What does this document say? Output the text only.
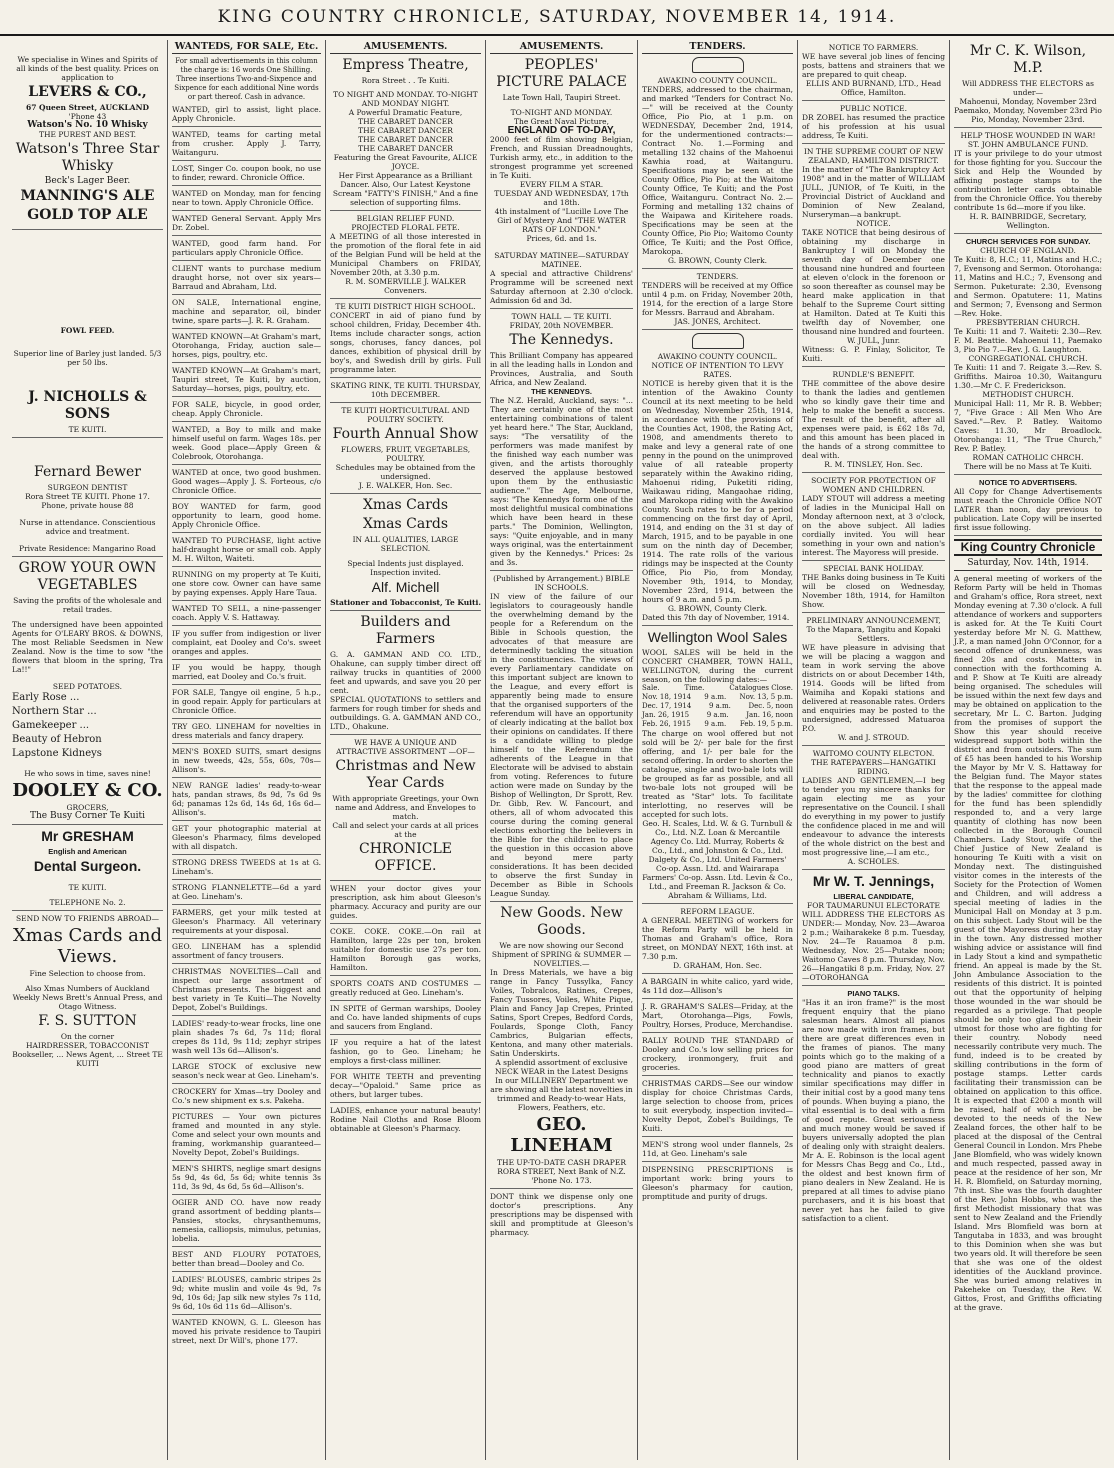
KING COUNTRY CHRONICLE, SATURDAY, NOVEMBER 14, 1914.
We specialise in Wines and Spirits of all kinds of the best quality. Prices on application to
LEVERS & CO.,
67 Queen Street, AUCKLAND
'Phone 43
Watson's No. 10 Whisky
THE PUREST AND BEST.
Watson's Three Star Whisky
Beck's Lager Beer.
MANNING'S ALE
GOLD TOP ALE
FOWL FEED.
Superior line of Barley just landed. 5/3 per 50 lbs.
J. NICHOLLS & SONS
TE KUITI.
Fernard Bewer
SURGEON DENTIST
Rora Street TE KUITI. Phone 17. Phone, private house 88
Nurse in attendance. Conscientious advice and treatment.
Private Residence: Mangarino Road
GROW YOUR OWN VEGETABLES
Saving the profits of the wholesale and retail trades.
The undersigned have been appointed Agents for O'LEARY BROS. & DOWNS, The most Reliable Seedsmen in New Zealand. Now is the time to sow "the flowers that bloom in the spring, Tra La!!"
SEED POTATOES.
Early Rose ...
Northern Star ...
Gamekeeper ...
Beauty of Hebron
Lapstone Kidneys
He who sows in time, saves nine!
DOOLEY & CO.
GROCERS,
The Busy Corner Te Kuiti
Mr GRESHAM
English and American
Dental Surgeon.
TE KUITI.
TELEPHONE No. 2.
SEND NOW TO FRIENDS ABROAD—
Xmas Cards and Views.
Fine Selection to choose from.
Also Xmas Numbers of Auckland Weekly News Brett's Annual Press, and Otago Witness.
F. S. SUTTON
On the corner
HAIRDRESSER, TOBACCONIST
Bookseller, ... News Agent, ... Street TE KUITI
WANTEDS, FOR SALE, Etc.
For small advertisements in this column the charge is: 16 words One Shilling. Three insertions Two-and-Sixpence and Sixpence for each additional Nine words or part thereof. Cash in advance.
WANTED, girl to assist, light place. Apply Chronicle.
WANTED, teams for carting metal from crusher. Apply J. Tarry, Waitanguru.
LOST, Singer Co. coupon book, no use to finder, reward. Chronicle Office.
WANTED on Monday, man for fencing near to town. Apply Chronicle Office.
WANTED General Servant. Apply Mrs Dr. Zobel.
WANTED, good farm hand. For particulars apply Chronicle Office.
CLIENT wants to purchase medium draught horse, not over six years—Barraud and Abraham, Ltd.
ON SALE, International engine, machine and separator, oil, binder twine, spare parts—J. R. R. Graham.
WANTED KNOWN—At Graham's mart, Otorohanga, Friday, auction sale—horses, pigs, poultry, etc.
WANTED KNOWN—At Graham's mart, Taupiri street, Te Kuiti, by auction, Saturday—horses, pigs, poultry, etc.
FOR SALE, bicycle, in good order, cheap. Apply Chronicle.
WANTED, a Boy to milk and make himself useful on farm. Wages 18s. per week. Good place—Apply Green & Colebrook, Otorohanga.
WANTED at once, two good bushmen. Good wages—Apply J. S. Forteous, c/o Chronicle Office.
BOY WANTED for farm, good opportunity to learn, good home. Apply Chronicle Office.
WANTED TO PURCHASE, light active half-draught horse or small cob. Apply M. H. Wilton, Waiteti.
RUNNING on my property at Te Kuiti, one store cow. Owner can have same by paying expenses. Apply Hare Taua.
WANTED TO SELL, a nine-passenger coach. Apply V. S. Hattaway.
IF you suffer from indigestion or liver complaint, eat Dooley and Co's. sweet oranges and apples.
IF you would be happy, though married, eat Dooley and Co.'s fruit.
FOR SALE, Tangye oil engine, 5 h.p., in good repair. Apply for particulars at Chronicle Office.
TRY GEO. LINEHAM for novelties in dress materials and fancy drapery.
MEN'S BOXED SUITS, smart designs in new tweeds, 42s, 55s, 60s, 70s—Allison's.
NEW RANGE ladies' ready-to-wear hats, pandan straws, 8s 9d, 7s 6d 9s 6d; panamas 12s 6d, 14s 6d, 16s 6d—Allison's.
GET your photographic material at Gleeson's Pharmacy, films developed with all dispatch.
STRONG DRESS TWEEDS at 1s at G. Lineham's.
STRONG FLANNELETTE—6d a yard at Geo. Lineham's.
FARMERS, get your milk tested at Gleeson's Pharmacy. All veterinary requirements at your disposal.
GEO. LINEHAM has a splendid assortment of fancy trousers.
CHRISTMAS NOVELTIES—Call and inspect our large assortment of Christmas presents. The biggest and best variety in Te Kuiti—The Novelty Depot, Zobel's Buildings.
LADIES' ready-to-wear frocks, line one plain shades 7s 6d, 7s 11d; floral crepes 8s 11d, 9s 11d; zephyr stripes wash well 13s 6d—Allison's.
LARGE STOCK of exclusive new season's neck wear at Geo. Lineham's.
CROCKERY for Xmas—try Dooley and Co.'s new shipment ex s.s. Pakeha.
PICTURES — Your own pictures framed and mounted in any style. Come and select your own mounts and framing, workmanship guaranteed—Novelty Depot, Zobel's Buildings.
MEN'S SHIRTS, neglige smart designs 5s 9d, 4s 6d, 5s 6d; white tennis 3s 11d, 3s 9d, 4s 6d, 5s 6d—Allison's.
OGIER AND CO. have now ready grand assortment of bedding plants—Pansies, stocks, chrysanthemums, nemesia, calliopsis, mimulus, petunias, lobelia.
BEST AND FLOURY POTATOES, better than bread—Dooley and Co.
LADIES' BLOUSES, cambric stripes 2s 9d; white muslin and voile 4s 9d, 7s 9d, 10s 6d; Jap silk new styles 7s 11d, 9s 6d, 10s 6d 11s 6d—Allison's.
WANTED KNOWN, G. L. Gleeson has moved his private residence to Taupiri street, next Dr Will's, phone 177.
AMUSEMENTS.
Empress Theatre,
Rora Street . . Te Kuiti.
TO NIGHT AND MONDAY. TO-NIGHT AND MONDAY NIGHT.
A Powerful Dramatic Feature,
THE CABARET DANCER
THE CABARET DANCER
THE CABARET DANCER
THE CABARET DANCER
Featuring the Great Favourite, ALICE JOYCE.
Her First Appearance as a Brilliant Dancer. Also, Our Latest Keystone Scream "FATTY'S FINISH," And a fine selection of supporting films.
BELGIAN RELIEF FUND.
PROJECTED FLORAL FETE.
A MEETING of all those interested in the promotion of the floral fete in aid of the Belgian Fund will be held at the Municipal Chambers on FRIDAY, November 20th, at 3.30 p.m.
R. M. SOMERVILLE J. WALKER Conveners.
TE KUITI DISTRICT HIGH SCHOOL.
CONCERT in aid of piano fund by school children, Friday, December 4th. Items include character songs, action songs, choruses, fancy dances, pol dances, exhibition of physical drill by boy's, and Swedish drill by girls. Full programme later.
SKATING RINK, TE KUITI. THURSDAY, 10th DECEMBER.
TE KUITI HORTICULTURAL AND POULTRY SOCIETY.
Fourth Annual Show
FLOWERS, FRUIT, VEGETABLES, POULTRY.
Schedules may be obtained from the undersigned.
J. E. WALKER, Hon. Sec.
Xmas Cards
Xmas Cards
IN ALL QUALITIES, LARGE SELECTION.
Special Indents just displayed.
Inspection invited.
Alf. Michell
Stationer and Tobacconist, Te Kuiti.
Builders and Farmers
G. A. GAMMAN AND CO. LTD., Ohakune, can supply timber direct off railway trucks in quantities of 2000 feet and upwards, and save you 20 per cent.
SPECIAL QUOTATIONS to settlers and farmers for rough timber for sheds and outbuildings. G. A. GAMMAN AND CO., LTD., Ohakune.
WE HAVE A UNIQUE AND ATTRACTIVE ASSORTMENT —OF—
Christmas and New Year Cards
With appropriate Greetings, your Own name and Address, and Envelopes to match.
Call and select your cards at all prices at the
CHRONICLE OFFICE.
WHEN your doctor gives your prescription, ask him about Gleeson's pharmacy. Accuracy and purity are our guides.
COKE. COKE. COKE.—On rail at Hamilton, large 22s per ton, broken suitable for domestic use 27s per ton. Hamilton Borough gas works, Hamilton.
SPORTS COATS AND COSTUMES —greatly reduced at Geo. Lineham's.
IN SPITE of German warships, Dooley and Co. have landed shipments of cups and saucers from England.
IF you require a hat of the latest fashion, go to Geo. Lineham; he employs a first-class milliner.
FOR WHITE TEETH and preventing decay—"Opaloid." Same price as others, but larger tubes.
LADIES, enhance your natural beauty! Rodine Nail Cloths and Rose Bloom obtainable at Gleeson's Pharmacy.
AMUSEMENTS.
PEOPLES' PICTURE PALACE
Late Town Hall, Taupiri Street.
TO-NIGHT AND MONDAY.
The Great Naval Picture,
ENGLAND OF TO-DAY,
2000 feet of film showing Belgian, French, and Russian Dreadnoughts, Turkish army, etc., in addition to the strongest programme yet screened in Te Kuiti.
EVERY FILM A STAR.
TUESDAY AND WEDNESDAY, 17th and 18th.
4th instalment of "Lucille Love The Girl of Mystery And "THE WATER RATS OF LONDON."
Prices, 6d. and 1s.
SATURDAY MATINEE—SATURDAY MATINEE.
A special and attractive Childrens' Programme will be screened next Saturday afternoon at 2.30 o'clock. Admission 6d and 3d.
TOWN HALL — TE KUITI.
FRIDAY, 20th NOVEMBER.
The Kennedys.
This Brilliant Company has appeared in all the leading halls in London and Provinces, Australia, and South Africa, and New Zealand.
THE KENNEDYS.
The N.Z. Herald, Auckland, says: "... They are certainly one of the most entertaining combinations of talent yet heard here." The Star, Auckland, says: "The versatility of the performers was made manifest by the finished way each number was given, and the artists thoroughly deserved the applause bestowed upon them by the enthusiastic audience." The Age, Melbourne, says: "The Kennedys form one of the most delightful musical combinations which have been heard in these parts." The Dominion, Wellington, says: "Quite enjoyable, and in many ways original, was the entertainment given by the Kennedys." Prices: 2s and 3s.
(Published by Arrangement.) BIBLE IN SCHOOLS.
IN view of the failure of our legislators to courageously handle the overwhelming demand by the people for a Referendum on the Bible in Schools question, the advocates of that measure are determinedly tackling the situation in the constituencies. The views of every Parliamentary candidate on this important subject are known to the League, and every effort is apparently being made to ensure that the organised supporters of the referendum will have an opportunity of clearly indicating at the ballot box their opinions on candidates. If there is a candidate willing to pledge himself to the Referendum the adherents of the League in that Electorate will be advised to abstain from voting. References to future action were made on Sunday by the Bishop of Wellington, Dr Sprott, Rev. Dr. Gibb, Rev. W. Fancourt, and others, all of whom advocated this course during the coming general elections exhorting the believers in the Bible for the children to place the question in this occasion above and beyond mere party considerations. It has been decided to observe the first Sunday in December as Bible in Schools League Sunday.
New Goods. New Goods.
We are now showing our Second Shipment of SPRING & SUMMER —NOVELTIES.—
In Dress Materials, we have a big range in Fancy Tussylka, Fancy Voiles, Tobralcos, Ratines, Crepes, Fancy Tussores, Voiles, White Pique, Plain and Fancy Jap Crepes, Printed Satins, Sport Crepes, Bedford Cords, Foulards, Sponge Cloth, Fancy Cambrics, Bulgarian effects, Kentona, and many other materials. Satin Underskirts.
A splendid assortment of exclusive NECK WEAR in the Latest Designs
In our MILLINERY Department we are showing all the latest novelties in trimmed and Ready-to-wear Hats, Flowers, Feathers, etc.
GEO. LINEHAM
THE UP-TO-DATE CASH DRAPER
RORA STREET, Next Bank of N.Z.
'Phone No. 173.
DONT think we dispense only one doctor's prescriptions. Any prescriptions may be dispensed with skill and promptitude at Gleeson's pharmacy.
TENDERS.
AWAKINO COUNTY COUNCIL.
TENDERS, addressed to the chairman, and marked "Tenders for Contract No. —" will be received at the County Office, Pio Pio, at 1 p.m. on WEDNESDAY, December 2nd, 1914, for the undermentioned contracts:— Contract No. 1.—Forming and metalling 132 chains of the Mahoenui Kawhia road, at Waitanguru. Specifications may be seen at the County Office, Pio Pio; at the Waitomo County Office, Te Kuiti; and the Post Office, Waitanguru. Contract No. 2.—Forming and metalling 132 chains of the Waipawa and Kiritehere roads. Specifications may be seen at the County Office, Pio Pio; Waitomo County Office, Te Kuiti; and the Post Office, Marokopa.
G. BROWN, County Clerk.
TENDERS.
TENDERS will be received at my Office until 4 p.m. on Friday, November 20th, 1914, for the erection of a large Store for Messrs. Barraud and Abraham.
JAS. JONES, Architect.
AWAKINO COUNTY COUNCIL.
NOTICE OF INTENTION TO LEVY RATES.
NOTICE is hereby given that it is the intention of the Awakino County Council at its next meeting to be held on Wednesday, November 25th, 1914, in accordance with the provisions of the Counties Act, 1908, the Rating Act, 1908, and amendments thereto to make and levy a general rate of one penny in the pound on the unimproved value of all rateable property separately within the Awakino riding, Mahoenui riding, Puketiti riding, Waikawau riding, Mangaohae riding, and Marokopa riding with the Awakino County. Such rates to be for a period commencing on the first day of April, 1914, and ending on the 31 st day of March, 1915, and to be payable in one sum on the ninth day of December, 1914. The rate rolls of the various ridings may be inspected at the County Office, Pio Pio, from Monday, November 9th, 1914, to Monday, November 23rd, 1914, between the hours of 9 a.m. and 5 p.m.
G. BROWN, County Clerk.
Dated this 7th day of November, 1914.
Wellington Wool Sales
WOOL SALES will be held in the CONCERT CHAMBER, TOWN HALL, WELLINGTON, during the current season, on the following dates:—
Sale.	Time.	Catalogues Close.
Nov. 18, 1914 9 a.m. Nov. 13, 5 p.m.
Dec. 17, 1914	9 a.m.	Dec. 5, noon
Jan. 26, 1915	9 a.m.	Jan. 16, noon
Feb. 26, 1915 9 a.m. Feb. 19, 5 p.m.
The charge on wool offered but not sold will be 2/- per bale for the first offering, and 1/- per bale for the second offering. In order to shorten the catalogue, single and two-bale lots will be grouped as far as possible, and all two-bale lots not grouped will be treated as "Star" lots. To facilitate interlotting, no reserves will be accepted for such lots.
Geo. H. Scales, Ltd. W. & G. Turnbull & Co., Ltd. N.Z. Loan & Mercantile Agency Co. Ltd. Murray, Roberts & Co., Ltd., and Johnston & Co., Ltd. Dalgety & Co., Ltd. United Farmers' Co-op. Assn. Ltd. and Wairarapa Farmers' Co-op. Assn. Ltd. Levin & Co., Ltd., and Freeman R. Jackson & Co. Abraham & Williams, Ltd.
REFORM LEAGUE.
A GENERAL MEETING of workers for the Reform Party will be held in Thomas and Graham's office, Rora street, on MONDAY NEXT, 16th inst. at 7.30 p.m.
D. GRAHAM, Hon. Sec.
A BARGAIN in white calico, yard wide, 4s 11d doz—Allison's
J. R. GRAHAM'S SALES—Friday, at the Mart, Otorohanga—Pigs, Fowls, Poultry, Horses, Produce, Merchandise.
RALLY ROUND THE STANDARD of Dooley and Co.'s low selling prices for crockery, ironmongery, fruit and groceries.
CHRISTMAS CARDS—See our window display for choice Christmas Cards, large selection to choose from, prices to suit everybody, inspection invited—Novelty Depot, Zobel's Buildings, Te Kuiti.
MEN'S strong wool under flannels, 2s 11d, at Geo. Lineham's sale
DISPENSING PRESCRIPTIONS is important work: bring yours to Gleeson's pharmacy for caution, promptitude and purity of drugs.
NOTICE TO FARMERS.
WE have several job lines of fencing posts, battens and strainers that we are prepared to quit cheap.
ELLIS AND BURNAND, LTD., Head Office, Hamilton.
PUBLIC NOTICE.
DR ZOBEL has resumed the practice of his profession at his usual address, Te Kuiti.
IN THE SUPREME COURT OF NEW ZEALAND, HAMILTON DISTRICT.
In the matter of "The Bankruptcy Act 1908" and in the matter of WILLIAM JULL, JUNIOR, of Te Kuiti, in the Provincial District of Auckland and Dominion of New Zealand, Nurseryman—a bankrupt.
NOTICE.
TAKE NOTICE that being desirous of obtaining my discharge in Bankruptcy I will on Monday the seventh day of December one thousand nine hundred and fourteen at eleven o'clock in the forenoon or so soon thereafter as counsel may be heard make application in that behalf to the Supreme Court sitting at Hamilton. Dated at Te Kuiti this twelfth day of November, one thousand nine hundred and fourteen.
W. JULL, Junr.
Witness: G. P. Finlay, Solicitor, Te Kuiti.
RUNDLE'S BENEFIT.
THE committee of the above desire to thank the ladies and gentlemen who so kindly gave their time and help to make the benefit a success. The result of the benefit, after all expenses were paid, is £62 18s 7d, and this amount has been placed in the hands of a strong committee to deal with.
R. M. TINSLEY, Hon. Sec.
SOCIETY FOR PROTECTION OF WOMEN AND CHILDREN.
LADY STOUT will address a meeting of ladies in the Municipal Hall on Monday afternoon next, at 3 o'clock, on the above subject. All ladies cordially invited. You will hear something in your own and nation's interest. The Mayoress will preside.
SPECIAL BANK HOLIDAY.
THE Banks doing business in Te Kuiti will be closed on Wednesday, November 18th, 1914, for Hamilton Show.
PRELIMINARY ANNOUNCEMENT,
To the Mapara, Tangitu and Kopaki Settlers.
WE have pleasure in advising that we will be placing a waggon and team in work serving the above districts on or about December 14th, 1914. Goods will be lifted from Waimiha and Kopaki stations and delivered at reasonable rates. Orders and enquiries may be posted to the undersigned, addressed Matuaroa P.O.
W. and J. STROUD.
WAITOMO COUNTY ELECTON.
THE RATEPAYERS—HANGATIKI RIDING.
LADIES AND GENTLEMEN,—I beg to tender you my sincere thanks for again electing me as your representative on the Council. I shall do everything in my power to justify the confidence placed in me and will endeavour to advance the interests of the whole district on the best and most progressive line,—I am etc.,
A. SCHOLES.
Mr W. T. Jennings,
LIBERAL CANDIDATE,
FOR TAUMARUNUI ELECTORATE
WILL ADDRESS THE ELECTORS AS UNDER:— Monday, Nov. 23—Awaroa 2 p.m.; Waiharakeke 8 p.m. Tuesday, Nov. 24—Te Rauamoa 8 p.m. Wednesday, Nov. 25—Putake noon; Waitomo Caves 8 p.m. Thursday, Nov. 26—Hangatiki 8 p.m. Friday, Nov. 27—OTOROHANGA
PIANO TALKS.
"Has it an iron frame?" is the most frequent enquiry that the piano salesman hears. Almost all pianos are now made with iron frames, but there are great differences even in the frames of pianos. The many points which go to the making of a good piano are matters of great technicality and pianos to exactly similar specifications may differ in their initial cost by a good many tens of pounds. When buying a piano, the vital essential is to deal with a firm of good repute. Great seriousness and much money would be saved if buyers universally adopted the plan of dealing only with straight dealers. Mr A. E. Robinson is the local agent for Messrs Chas Begg and Co., Ltd., the oldest and best known firm of piano dealers in New Zealand. He is prepared at all times to advise piano purchasers, and it is his boast that never yet has he failed to give satisfaction to a client.
Mr C. K. Wilson, M.P.
Will ADDRESS THE ELECTORS as under—
Mahoenui, Monday, November 23rd Paemako, Monday, November 23rd Pio Pio, Monday, November 23rd.
HELP THOSE WOUNDED IN WAR!
ST. JOHN AMBULANCE FUND.
IT is your privilege to do your utmost for those fighting for you. Succour the Sick and Help the Wounded by affixing postage stamps to the contribution letter cards obtainable from the Chronicle Office. You thereby contribute 1s 6d—more if you like.
H. R. BAINBRIDGE, Secretary, Wellington.
CHURCH SERVICES FOR SUNDAY.
CHURCH OF ENGLAND.
Te Kuiti: 8, H.C.; 11, Matins and H.C.; 7, Evensong and Sermon. Otorohanga: 11, Matins and H.C.; 7, Evensong and Sermon. Puketurate: 2.30, Evensong and Sermon. Opatutere: 11, Matins and Sermon; 7, Evensong and Sermon—Rev. Hoke.
PRESBYTERIAN CHURCH.
Te Kuiti: 11 and 7. Waiteti: 2.30—Rev. F. M. Beattie. Mahoenui 11, Paemako 3, Pio Pio 7.—Rev. J. G. Laughton.
CONGREGATIONAL CHURCH.
Te Kuiti: 11 and 7. Reigate 3.—Rev. S. Griffiths. Mairoa 10.30, Waitanguru 1.30.—Mr C. F. Frederickson.
METHODIST CHURCH.
Municipal Hall: 11, Mr R. B. Webber; 7, "Five Grace : All Men Who Are Saved."—Rev. P. Batley. Waitomo Caves: 11.30, Mr Broadlock. Otorohanga: 11, "The True Church," Rev. P. Batley.
ROMAN CATHOLIC CHRCH.
There will be no Mass at Te Kuiti.
NOTICE TO ADVERTISERS.
All Copy for Change Advertisements must reach the Chronicle Office NOT LATER than noon, day previous to publication. Late Copy will be inserted first issue following.
King Country Chronicle
Saturday, Nov. 14th, 1914.
A general meeting of workers of the Reform Party will be held in Thomas and Graham's office, Rora street, next Monday evening at 7.30 o'clock. A full attendance of workers and supporters is asked for. At the Te Kuiti Court yesterday before Mr N. G. Matthew, J.P., a man named John O'Connor, for a second offence of drunkenness, was fined 20s and costs. Matters in connection with the forthcoming A. and P. Show at Te Kuiti are already being organised. The schedules will be issued within the next few days and may be obtained on application to the secretary, Mr L. C. Barton. Judging from the promises of support the Show this year should receive widespread support both within the district and from outsiders. The sum of £5 has been handed to his Worship the Mayor by Mr V. S. Hattaway for the Belgian fund. The Mayor states that the response to the appeal made by the ladies' committee for clothing for the fund has been splendidly responded to, and a very large quantity of clothing has now been collected in the Borough Council Chambers. Lady Stout, wife of the Chief Justice of New Zealand is honouring Te Kuiti with a visit on Monday next. The distinguished visitor comes in the interests of the Society for the Protection of Women and Children, and will address a special meeting of ladies in the Municipal Hall on Monday at 3 p.m. on this subject. Lady Stout will be the guest of the Mayoress during her stay in the town. Any distressed mother wishing advice or assistance will find in Lady Stout a kind and sympathetic friend. An appeal is made by the St. John Ambulance Association to the residents of this district. It is pointed out that the opportunity of helping those wounded in the war should be regarded as a privilege. That people should be only too glad to do their utmost for those who are fighting for their country. Nobody need necessarily contribute very much. The fund, indeed is to be created by skilling contributions in the form of postage stamps. Letter cards facilitating their transmission can be obtained on application to this office. It is expected that £200 a month will be raised, half of which is to be devoted to the needs of the New Zealand forces, the other half to be placed at the disposal of the Central General Council in London. Mrs Phebe Jane Blomfield, who was widely known and much respected, passed away in peace at the residence of her son, Mr H. R. Blomfield, on Saturday morning, 7th inst. She was the fourth daughter of the Rev. John Hobbs, who was the first Methodist missionary that was sent to New Zealand and the Friendly Island. Mrs Blomfield was born at Tangutaba in 1833, and was brought to this Dominion when she was but two years old. It will therefore be seen that she was one of the oldest identities of the Auckland province. She was buried among relatives in Pakeheke on Tuesday, the Rev. W. Gittos, Frost, and Griffiths officiating at the grave.
